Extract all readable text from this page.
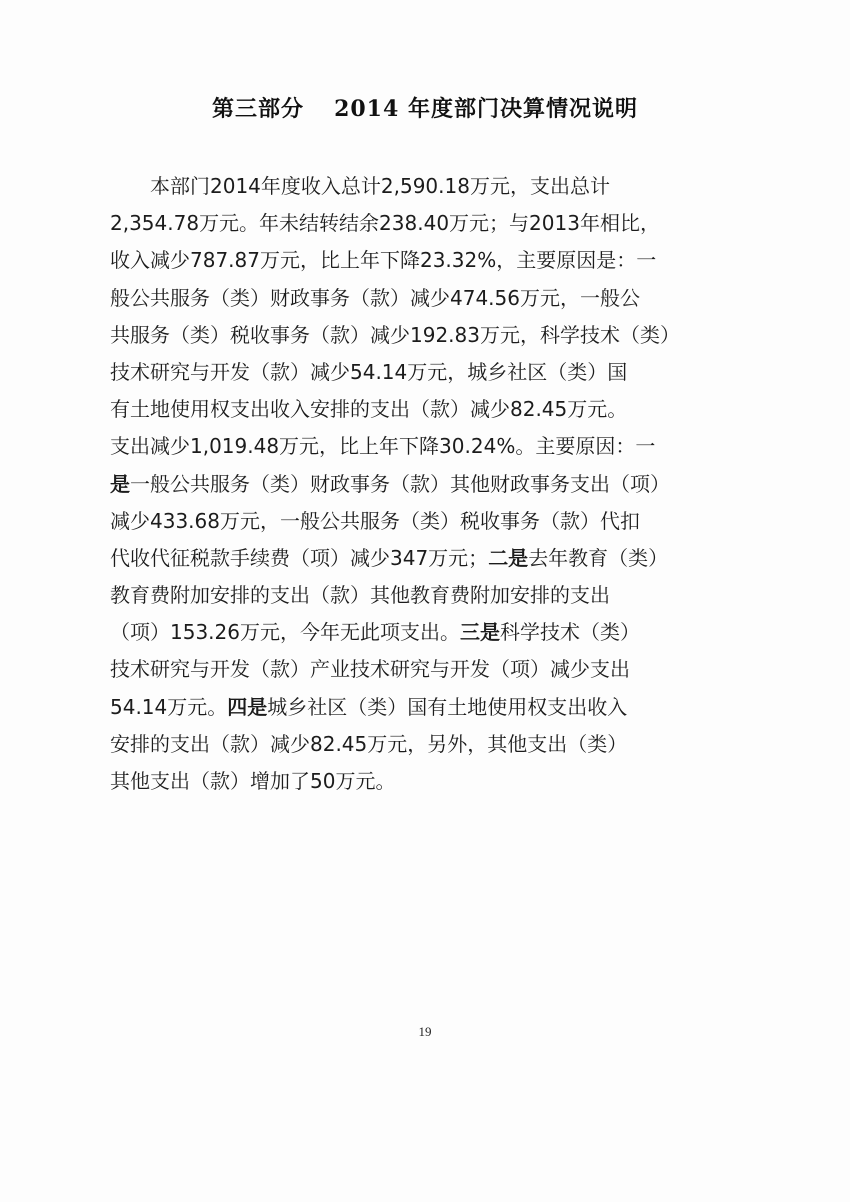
第三部分 2014 年度部门决算情况说明
　　本部门2014年度收入总计2,590.18万元，支出总计
2,354.78万元。年未结转结余238.40万元；与2013年相比，
收入减少787.87万元，比上年下降23.32%，主要原因是：一
般公共服务（类）财政事务（款）减少474.56万元，一般公
共服务（类）税收事务（款）减少192.83万元，科学技术（类）
技术研究与开发（款）减少54.14万元，城乡社区（类）国
有土地使用权支出收入安排的支出（款）减少82.45万元。
支出减少1,019.48万元，比上年下降30.24%。主要原因：一
是一般公共服务（类）财政事务（款）其他财政事务支出（项）
减少433.68万元，一般公共服务（类）税收事务（款）代扣
代收代征税款手续费（项）减少347万元；二是去年教育（类）
教育费附加安排的支出（款）其他教育费附加安排的支出
（项）153.26万元，今年无此项支出。三是科学技术（类）
技术研究与开发（款）产业技术研究与开发（项）减少支出
54.14万元。四是城乡社区（类）国有土地使用权支出收入
安排的支出（款）减少82.45万元，另外，其他支出（类）
其他支出（款）增加了50万元。
19
